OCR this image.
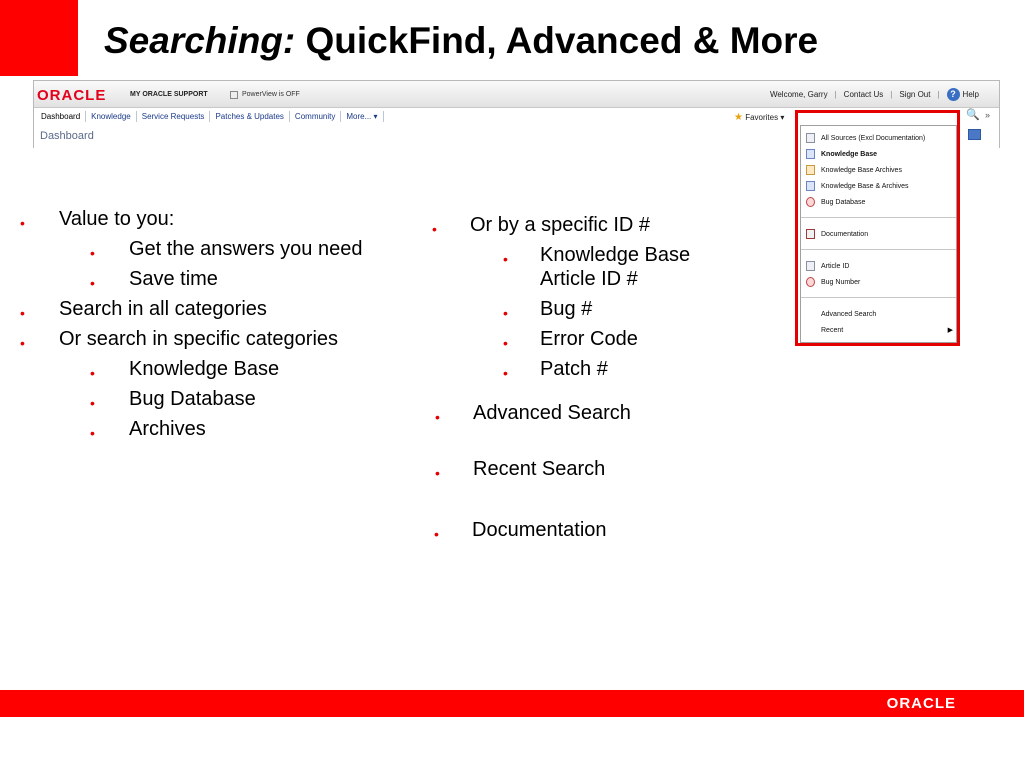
Searching: QuickFind, Advanced & More
ORACLE	MY ORACLE SUPPORT	PowerView is OFF	Welcome, Garry | Contact Us | Sign Out |	? Help
Dashboard	Knowledge	Service Requests	Patches & Updates	Community	More... ▾	★ Favorites ▾
Search Knowledge Base	🔍 »
Dashboard	All Sources (Excl Documentation)
Knowledge Base
Knowledge Base Archives
Knowledge Base & Archives
Bug Database
Documentation
Article ID
Bug Number
Advanced Search
Recent	▶
• Value to you:
• Get the answers you need
• Save time
• Search in all categories
• Or search in specific categories
• Knowledge Base
• Bug Database
• Archives
• Or by a specific ID #
• Knowledge Base
Article ID #
• Bug #
• Error Code
• Patch #
• Advanced Search
• Recent Search
• Documentation
ORACLE
